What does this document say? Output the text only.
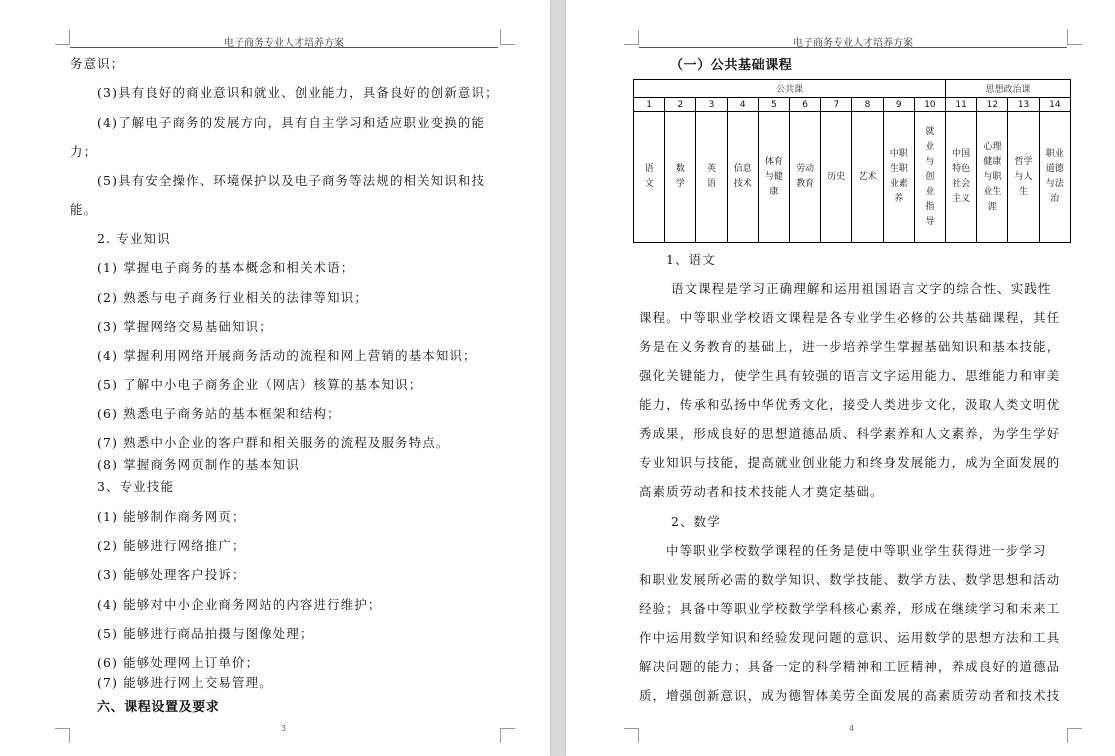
电子商务专业人才培养方案
务意识；
(3)具有良好的商业意识和就业、创业能力，具备良好的创新意识；
(4)了解电子商务的发展方向，具有自主学习和适应职业变换的能
力；
(5)具有安全操作、环境保护以及电子商务等法规的相关知识和技
能。
2. 专业知识
(1) 掌握电子商务的基本概念和相关术语；
(2) 熟悉与电子商务行业相关的法律等知识；
(3) 掌握网络交易基础知识；
(4) 掌握利用网络开展商务活动的流程和网上营销的基本知识；
(5) 了解中小电子商务企业（网店）核算的基本知识；
(6) 熟悉电子商务站的基本框架和结构；
(7) 熟悉中小企业的客户群和相关服务的流程及服务特点。
(8) 掌握商务网页制作的基本知识
3、专业技能
(1) 能够制作商务网页；
(2) 能够进行网络推广；
(3) 能够处理客户投诉；
(4) 能够对中小企业商务网站的内容进行维护；
(5) 能够进行商品拍摄与图像处理；
(6) 能够处理网上订单价；
(7) 能够进行网上交易管理。
六、课程设置及要求
3
电子商务专业人才培养方案
（一）公共基础课程
公共课										思想政治课			
1	2	3	4	5	6	7	8	9	10	11	12	13	14
语文	数学	英语	信息技术	体育与健康	劳动教育	历史	艺术	中职生职业素养	就业与创业指导	中国特色社会主义	心理健康与职业生涯	哲学与人生	职业道德与法治
1、语文
语文课程是学习正确理解和运用祖国语言文字的综合性、实践性
课程。中等职业学校语文课程是各专业学生必修的公共基础课程，其任
务是在义务教育的基础上，进一步培养学生掌握基础知识和基本技能，
强化关键能力，使学生具有较强的语言文字运用能力、思维能力和审美
能力，传承和弘扬中华优秀文化，接受人类进步文化，汲取人类文明优
秀成果，形成良好的思想道德品质、科学素养和人文素养，为学生学好
专业知识与技能，提高就业创业能力和终身发展能力，成为全面发展的
高素质劳动者和技术技能人才奠定基础。
2、数学
中等职业学校数学课程的任务是使中等职业学生获得进一步学习
和职业发展所必需的数学知识、数学技能、数学方法、数学思想和活动
经验；具备中等职业学校数学学科核心素养，形成在继续学习和未来工
作中运用数学知识和经验发现问题的意识、运用数学的思想方法和工具
解决问题的能力；具备一定的科学精神和工匠精神，养成良好的道德品
质，增强创新意识，成为德智体美劳全面发展的高素质劳动者和技术技
4
